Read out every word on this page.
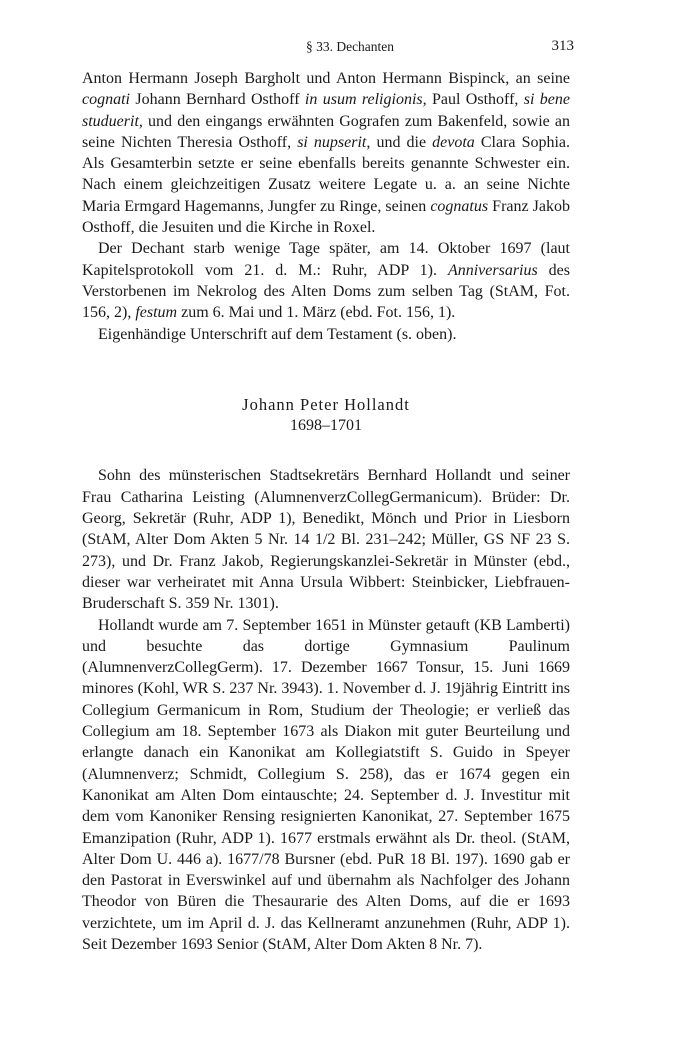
§ 33. Dechanten	313

Anton Hermann Joseph Bargholt und Anton Hermann Bispinck, an seine cognati Johann Bernhard Osthoff in usum religionis, Paul Osthoff, si bene studuerit, und den eingangs erwähnten Gografen zum Bakenfeld, sowie an seine Nichten Theresia Osthoff, si nupserit, und die devota Clara Sophia. Als Gesamterbin setzte er seine ebenfalls bereits genannte Schwester ein. Nach einem gleichzeitigen Zusatz weitere Legate u. a. an seine Nichte Maria Ermgard Hagemanns, Jungfer zu Ringe, seinen cognatus Franz Jakob Osthoff, die Jesuiten und die Kirche in Roxel.

Der Dechant starb wenige Tage später, am 14. Oktober 1697 (laut Kapitelsprotokoll vom 21. d. M.: Ruhr, ADP 1). Anniversarius des Verstorbenen im Nekrolog des Alten Doms zum selben Tag (StAM, Fot. 156, 2), festum zum 6. Mai und 1. März (ebd. Fot. 156, 1).

Eigenhändige Unterschrift auf dem Testament (s. oben).

Johann Peter Hollandt

1698–1701

Sohn des münsterischen Stadtsekretärs Bernhard Hollandt und seiner Frau Catharina Leisting (AlumnenverzCollegGermanicum). Brüder: Dr. Georg, Sekretär (Ruhr, ADP 1), Benedikt, Mönch und Prior in Liesborn (StAM, Alter Dom Akten 5 Nr. 14 1/2 Bl. 231–242; Müller, GS NF 23 S. 273), und Dr. Franz Jakob, Regierungskanzlei-Sekretär in Münster (ebd., dieser war verheiratet mit Anna Ursula Wibbert: Steinbicker, Liebfrauen-Bruderschaft S. 359 Nr. 1301).

Hollandt wurde am 7. September 1651 in Münster getauft (KB Lamberti) und besuchte das dortige Gymnasium Paulinum (AlumnenverzCollegGerm). 17. Dezember 1667 Tonsur, 15. Juni 1669 minores (Kohl, WR S. 237 Nr. 3943). 1. November d. J. 19jährig Eintritt ins Collegium Germanicum in Rom, Studium der Theologie; er verließ das Collegium am 18. September 1673 als Diakon mit guter Beurteilung und erlangte danach ein Kanonikat am Kollegiatstift S. Guido in Speyer (Alumnenverz; Schmidt, Collegium S. 258), das er 1674 gegen ein Kanonikat am Alten Dom eintauschte; 24. September d. J. Investitur mit dem vom Kanoniker Rensing resignierten Kanonikat, 27. September 1675 Emanzipation (Ruhr, ADP 1). 1677 erstmals erwähnt als Dr. theol. (StAM, Alter Dom U. 446 a). 1677/78 Bursner (ebd. PuR 18 Bl. 197). 1690 gab er den Pastorat in Everswinkel auf und übernahm als Nachfolger des Johann Theodor von Büren die Thesaurarie des Alten Doms, auf die er 1693 verzichtete, um im April d. J. das Kellneramt anzunehmen (Ruhr, ADP 1). Seit Dezember 1693 Senior (StAM, Alter Dom Akten 8 Nr. 7).
